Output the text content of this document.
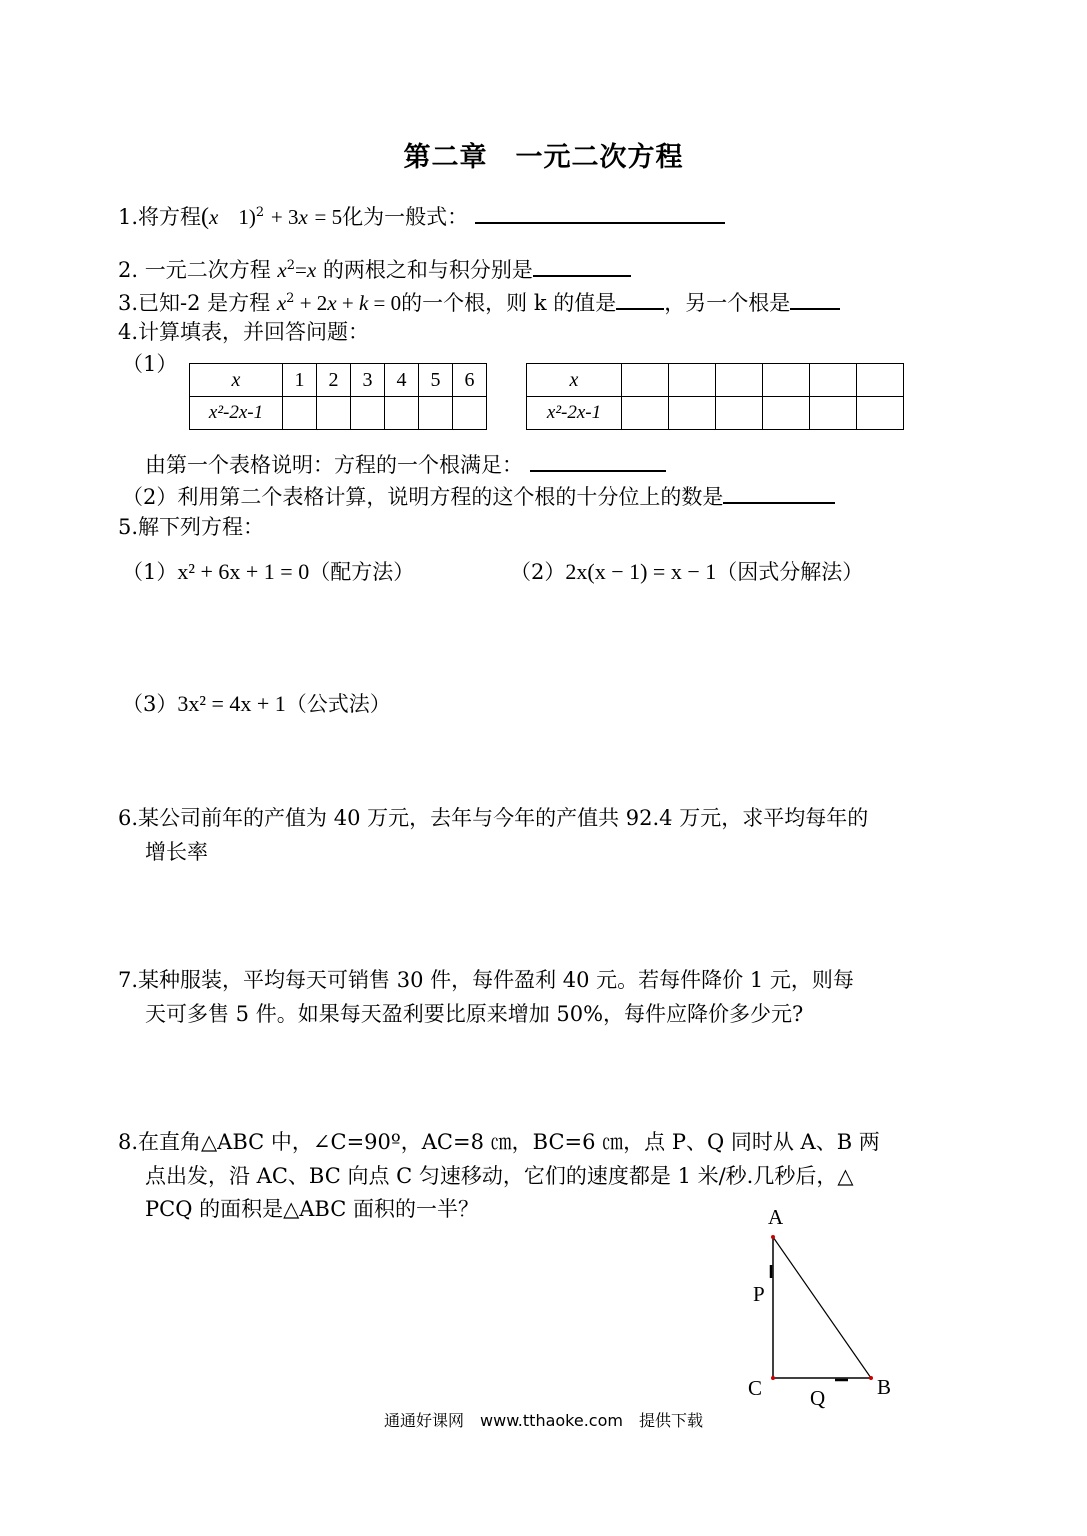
第二章　一元二次方程
1.将方程(x 1)$^2$ + 3x = 5化为一般式：
2. 一元二次方程 $x^2=x$ 的两根之和与积分别是
3.已知-2 是方程 $x^2 + 2x + k = 0$的一个根，则 k 的值是 ，另一个根是
4.计算填表，并回答问题：
（1）
x	1	2	3	4	5	6
x²-2x-1						
x						
x²-2x-1						
由第一个表格说明：方程的一个根满足：
（2）利用第二个表格计算，说明方程的这个根的十分位上的数是
5.解下列方程：
（1）x² + 6x + 1 = 0（配方法）	（2）2x(x − 1) = x − 1（因式分解法）
（3）3x² = 4x + 1（公式法）
6.某公司前年的产值为 40 万元，去年与今年的产值共 92.4 万元，求平均每年的
增长率
7.某种服装，平均每天可销售 30 件，每件盈利 40 元。若每件降价 1 元，则每
天可多售 5 件。如果每天盈利要比原来增加 50%，每件应降价多少元?
8.在直角△ABC 中，∠C=90º，AC=8 ㎝，BC=6 ㎝，点 P、Q 同时从 A、B 两
点出发，沿 AC、BC 向点 C 匀速移动，它们的速度都是 1 米/秒.几秒后，△
PCQ 的面积是△ABC 面积的一半？	A
P
C Q B
通通好课网　www.tthaoke.com　提供下载
